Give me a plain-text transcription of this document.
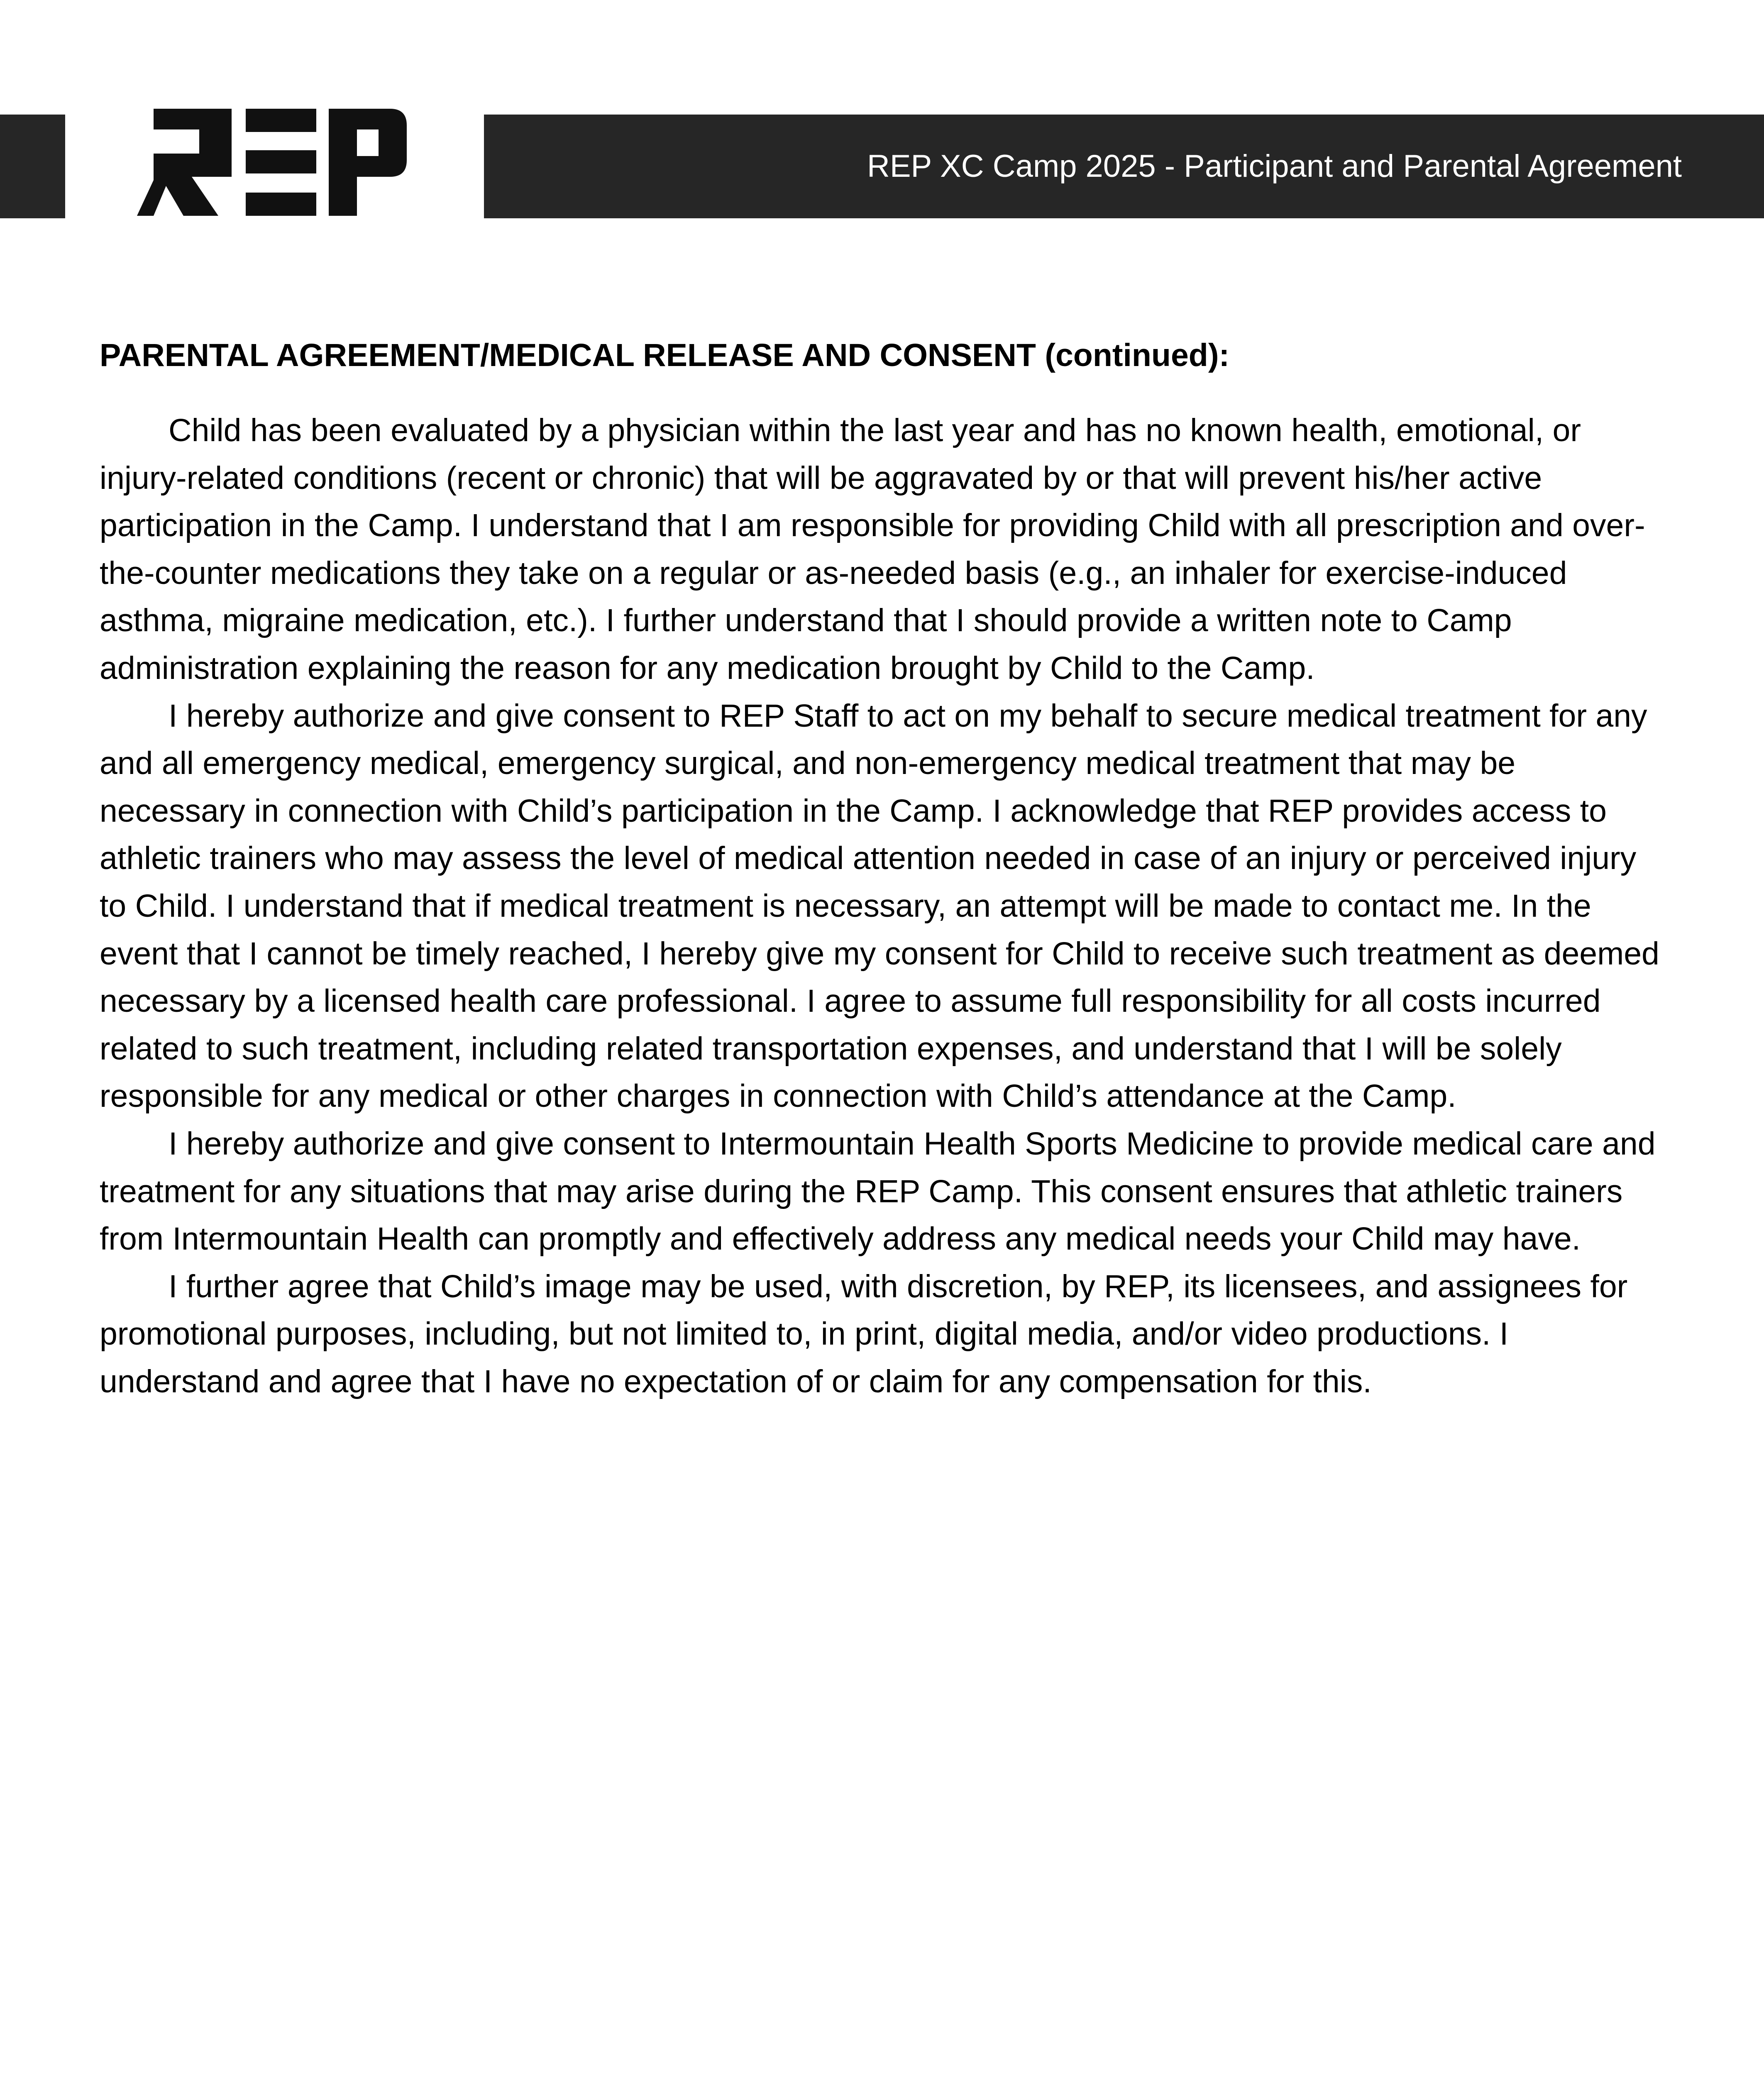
REP XC Camp 2025 - Participant and Parental Agreement
PARENTAL AGREEMENT/MEDICAL RELEASE AND CONSENT (continued):

Child has been evaluated by a physician within the last year and has no known health, emotional, or injury-related conditions (recent or chronic) that will be aggravated by or that will prevent his/her active participation in the Camp. I understand that I am responsible for providing Child with all prescription and over-the-counter medications they take on a regular or as-needed basis (e.g., an inhaler for exercise-induced asthma, migraine medication, etc.). I further understand that I should provide a written note to Camp administration explaining the reason for any medication brought by Child to the Camp.

I hereby authorize and give consent to REP Staff to act on my behalf to secure medical treatment for any and all emergency medical, emergency surgical, and non-emergency medical treatment that may be necessary in connection with Child’s participation in the Camp. I acknowledge that REP provides access to athletic trainers who may assess the level of medical attention needed in case of an injury or perceived injury to Child. I understand that if medical treatment is necessary, an attempt will be made to contact me. In the event that I cannot be timely reached, I hereby give my consent for Child to receive such treatment as deemed necessary by a licensed health care professional. I agree to assume full responsibility for all costs incurred related to such treatment, including related transportation expenses, and understand that I will be solely responsible for any medical or other charges in connection with Child’s attendance at the Camp.

I hereby authorize and give consent to Intermountain Health Sports Medicine to provide medical care and treatment for any situations that may arise during the REP Camp. This consent ensures that athletic trainers from Intermountain Health can promptly and effectively address any medical needs your Child may have.

I further agree that Child’s image may be used, with discretion, by REP, its licensees, and assignees for promotional purposes, including, but not limited to, in print, digital media, and/or video productions. I understand and agree that I have no expectation of or claim for any compensation for this.
